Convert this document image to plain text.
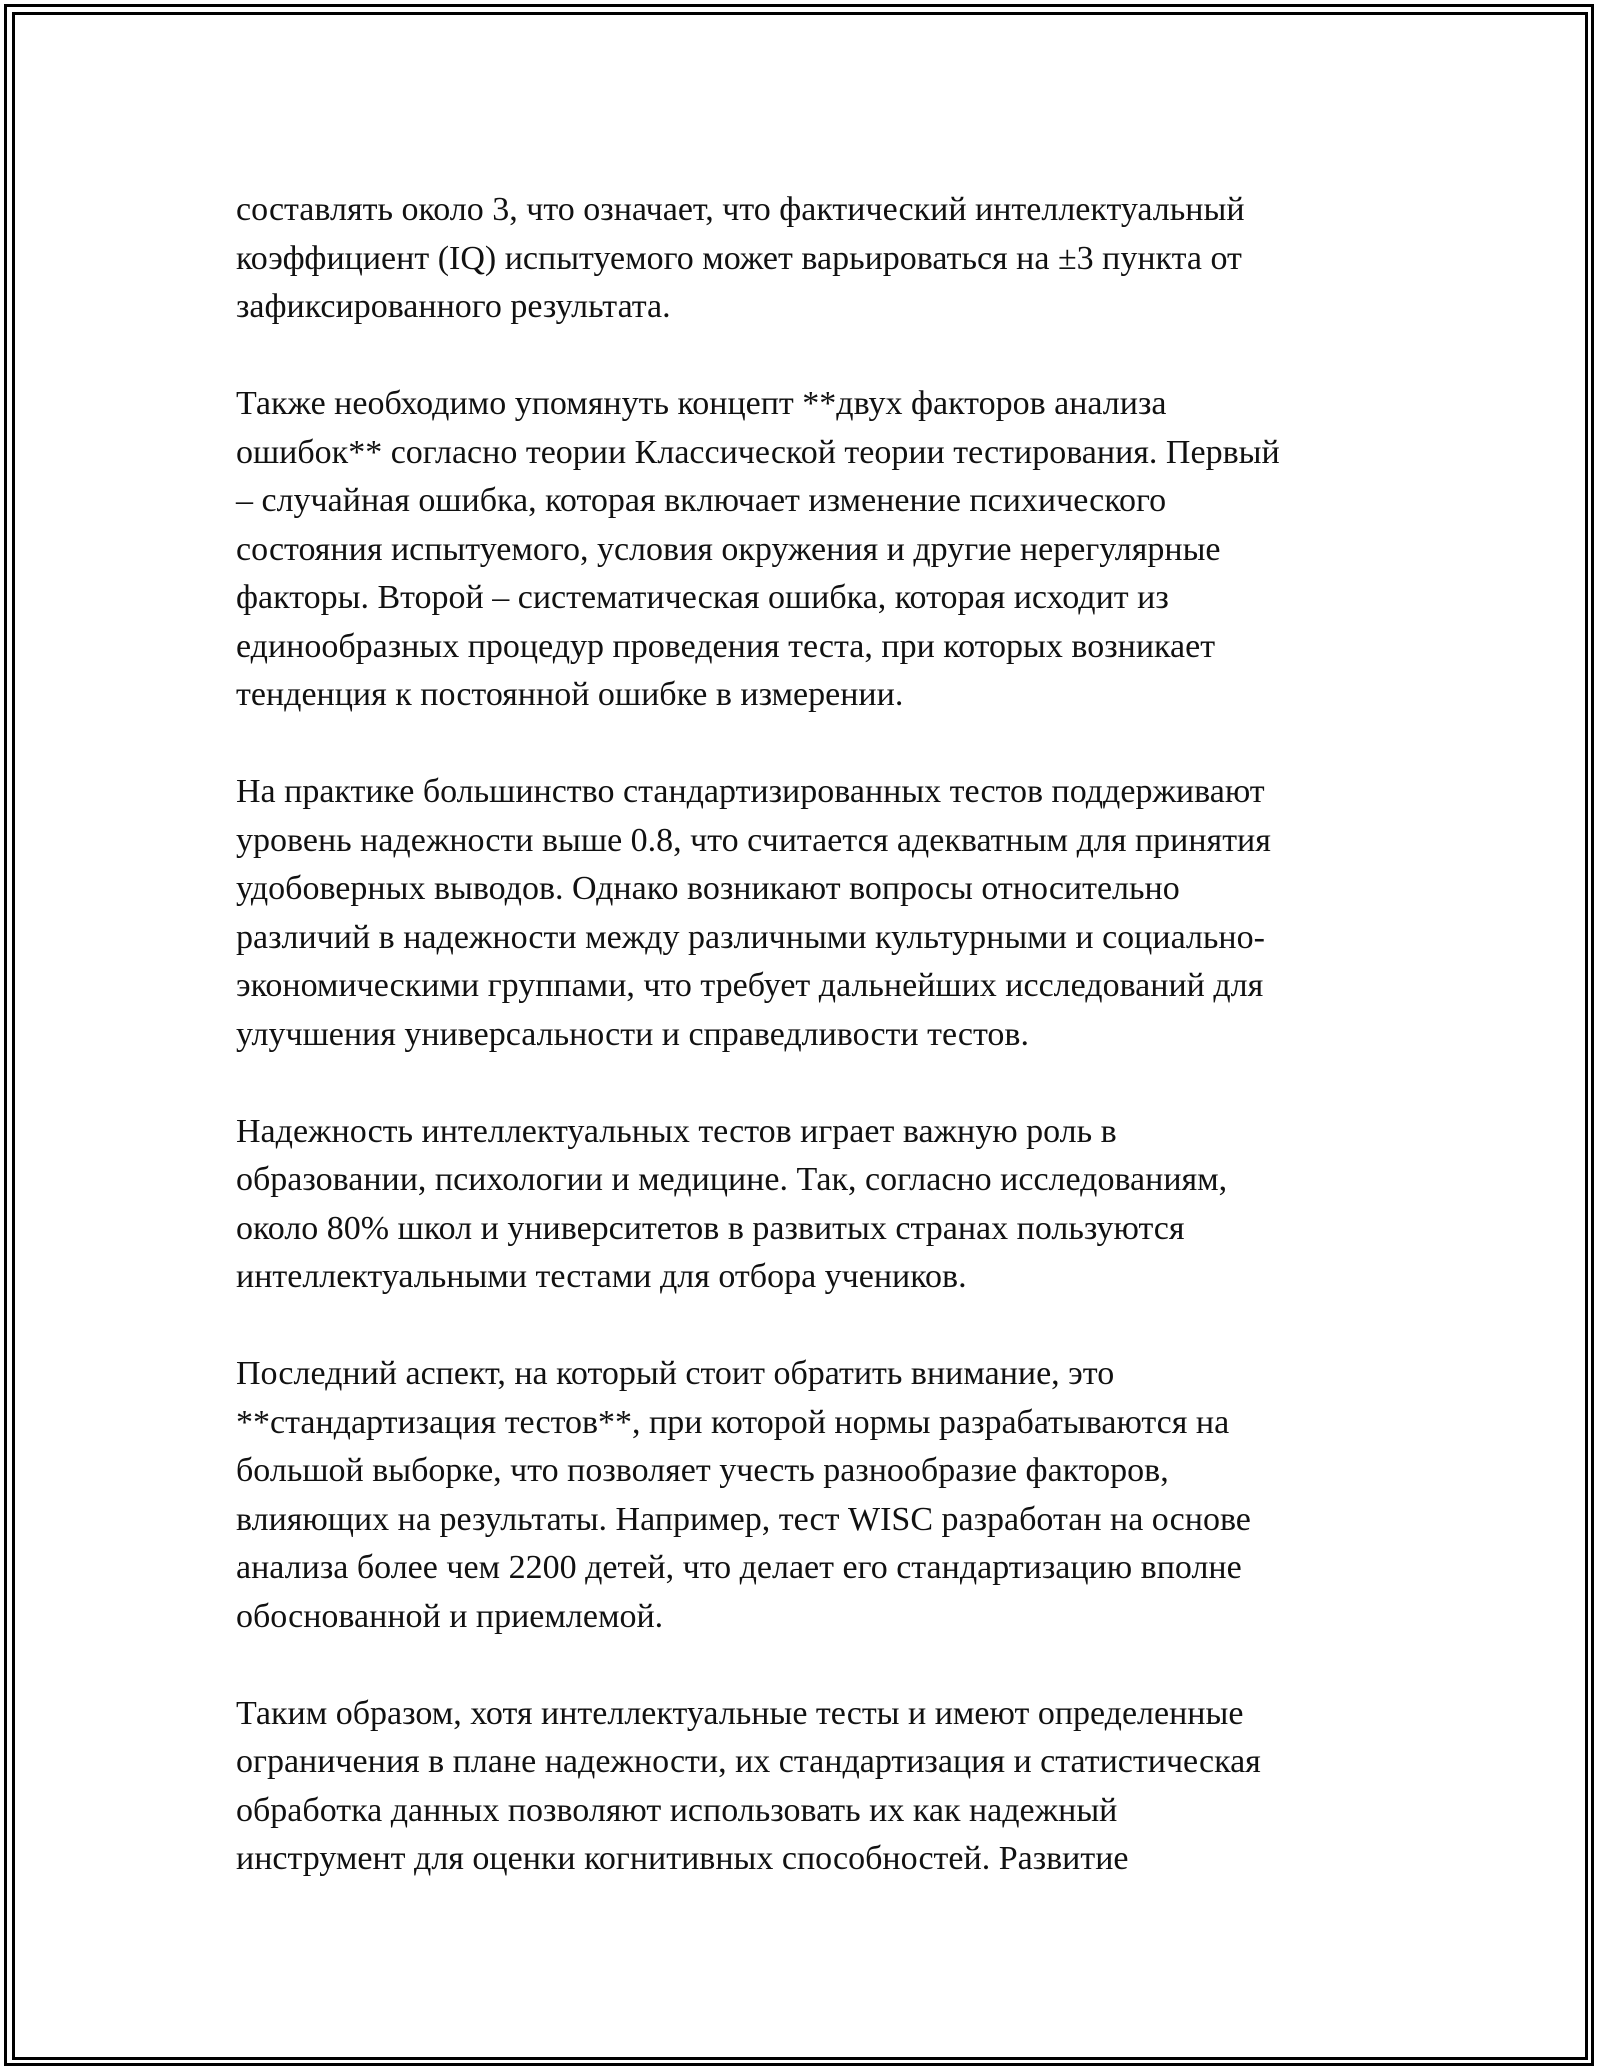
составлять около 3, что означает, что фактический интеллектуальный
коэффициент (IQ) испытуемого может варьироваться на ±3 пункта от
зафиксированного результата.
Также необходимо упомянуть концепт **двух факторов анализа
ошибок** согласно теории Классической теории тестирования. Первый
– случайная ошибка, которая включает изменение психического
состояния испытуемого, условия окружения и другие нерегулярные
факторы. Второй – систематическая ошибка, которая исходит из
единообразных процедур проведения теста, при которых возникает
тенденция к постоянной ошибке в измерении.
На практике большинство стандартизированных тестов поддерживают
уровень надежности выше 0.8, что считается адекватным для принятия
удобоверных выводов. Однако возникают вопросы относительно
различий в надежности между различными культурными и социально-
экономическими группами, что требует дальнейших исследований для
улучшения универсальности и справедливости тестов.
Надежность интеллектуальных тестов играет важную роль в
образовании, психологии и медицине. Так, согласно исследованиям,
около 80% школ и университетов в развитых странах пользуются
интеллектуальными тестами для отбора учеников.
Последний аспект, на который стоит обратить внимание, это
**стандартизация тестов**, при которой нормы разрабатываются на
большой выборке, что позволяет учесть разнообразие факторов,
влияющих на результаты. Например, тест WISC разработан на основе
анализа более чем 2200 детей, что делает его стандартизацию вполне
обоснованной и приемлемой.
Таким образом, хотя интеллектуальные тесты и имеют определенные
ограничения в плане надежности, их стандартизация и статистическая
обработка данных позволяют использовать их как надежный
инструмент для оценки когнитивных способностей. Развитие
